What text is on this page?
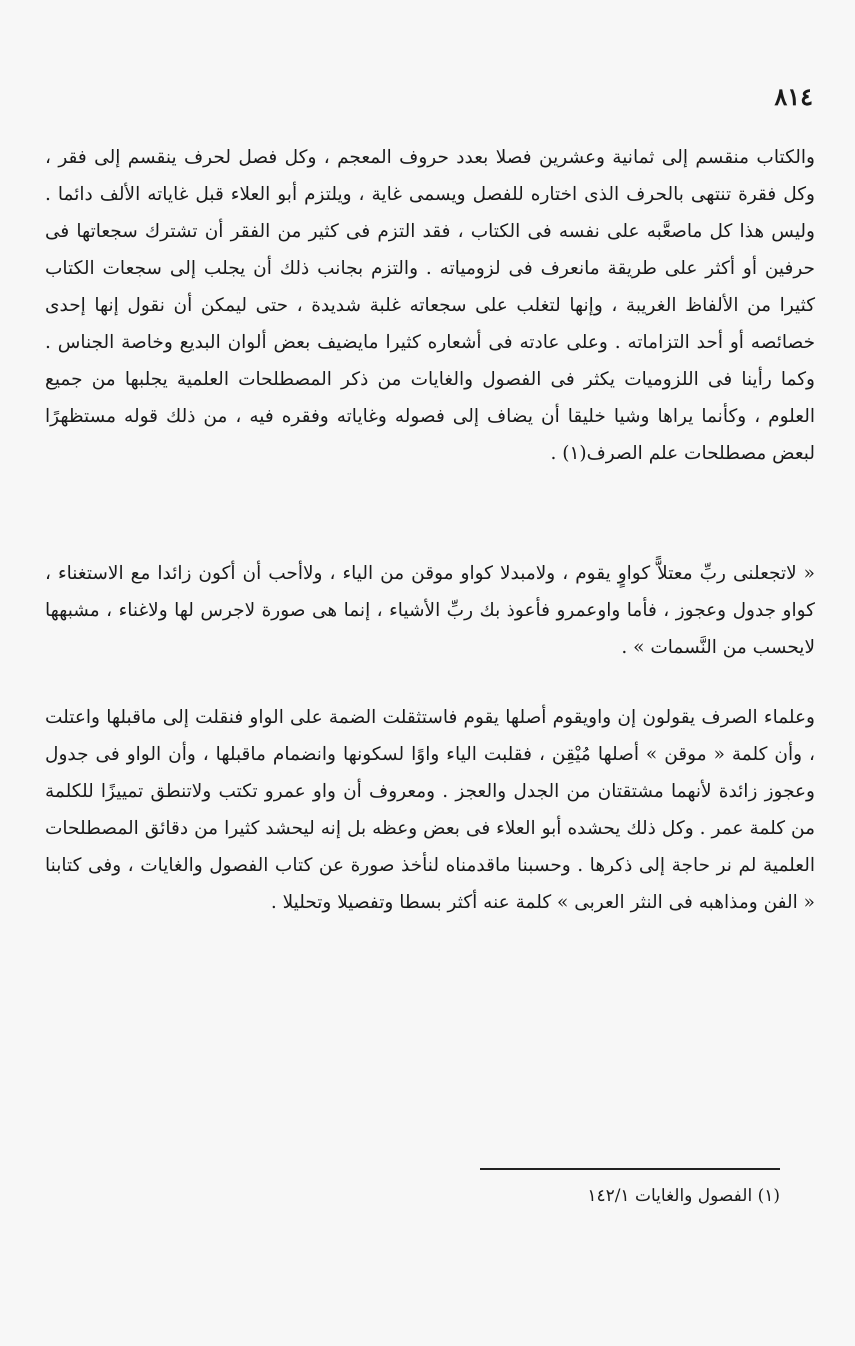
٨١٤

والكتاب منقسم إلى ثمانية وعشرين فصلا بعدد حروف المعجم ، وكل فصل لحرف ينقسم إلى فقر ، وكل فقرة تنتهى بالحرف الذى اختاره للفصل ويسمى غاية ، ويلتزم أبو العلاء قبل غاياته الألف دائما . وليس هذا كل ماصعَّبه على نفسه فى الكتاب ، فقد التزم فى كثير من الفقر أن تشترك سجعاتها فى حرفين أو أكثر على طريقة مانعرف فى لزومياته . والتزم بجانب ذلك أن يجلب إلى سجعات الكتاب كثيرا من الألفاظ الغريبة ، وإنها لتغلب على سجعاته غلبة شديدة ، حتى ليمكن أن نقول إنها إحدى خصائصه أو أحد التزاماته . وعلى عادته فى أشعاره كثيرا مايضيف بعض ألوان البديع وخاصة الجناس . وكما رأينا فى اللزوميات يكثر فى الفصول والغايات من ذكر المصطلحات العلمية يجلبها من جميع العلوم ، وكأنما يراها وشيا خليقا أن يضاف إلى فصوله وغاياته وفقره فيه ، من ذلك قوله مستظهرًا لبعض مصطلحات علم الصرف(١) .

« لاتجعلنى ربِّ معتلاًّ كواوٍ يقوم ، ولامبدلا كواو موقن من الياء ، ولاأحب أن أكون زائدا مع الاستغناء ، كواو جدول وعجوز ، فأما واوعمرو فأعوذ بك ربِّ الأشياء ، إنما هى صورة لاجرس لها ولاغناء ، مشبهها لايحسب من النَّسمات » .

وعلماء الصرف يقولون إن واويقوم أصلها يقوم فاستثقلت الضمة على الواو فنقلت إلى ماقبلها واعتلت ، وأن كلمة « موقن » أصلها مُيْقِن ، فقلبت الياء واوًا لسكونها وانضمام ماقبلها ، وأن الواو فى جدول وعجوز زائدة لأنهما مشتقتان من الجدل والعجز . ومعروف أن واو عمرو تكتب ولاتنطق تمييزًا للكلمة من كلمة عمر . وكل ذلك يحشده أبو العلاء فى بعض وعظه بل إنه ليحشد كثيرا من دقائق المصطلحات العلمية لم نر حاجة إلى ذكرها . وحسبنا ماقدمناه لنأخذ صورة عن كتاب الفصول والغايات ، وفى كتابنا « الفن ومذاهبه فى النثر العربى » كلمة عنه أكثر بسطا وتفصيلا وتحليلا .

(١) الفصول والغايات ١٤٢/١
